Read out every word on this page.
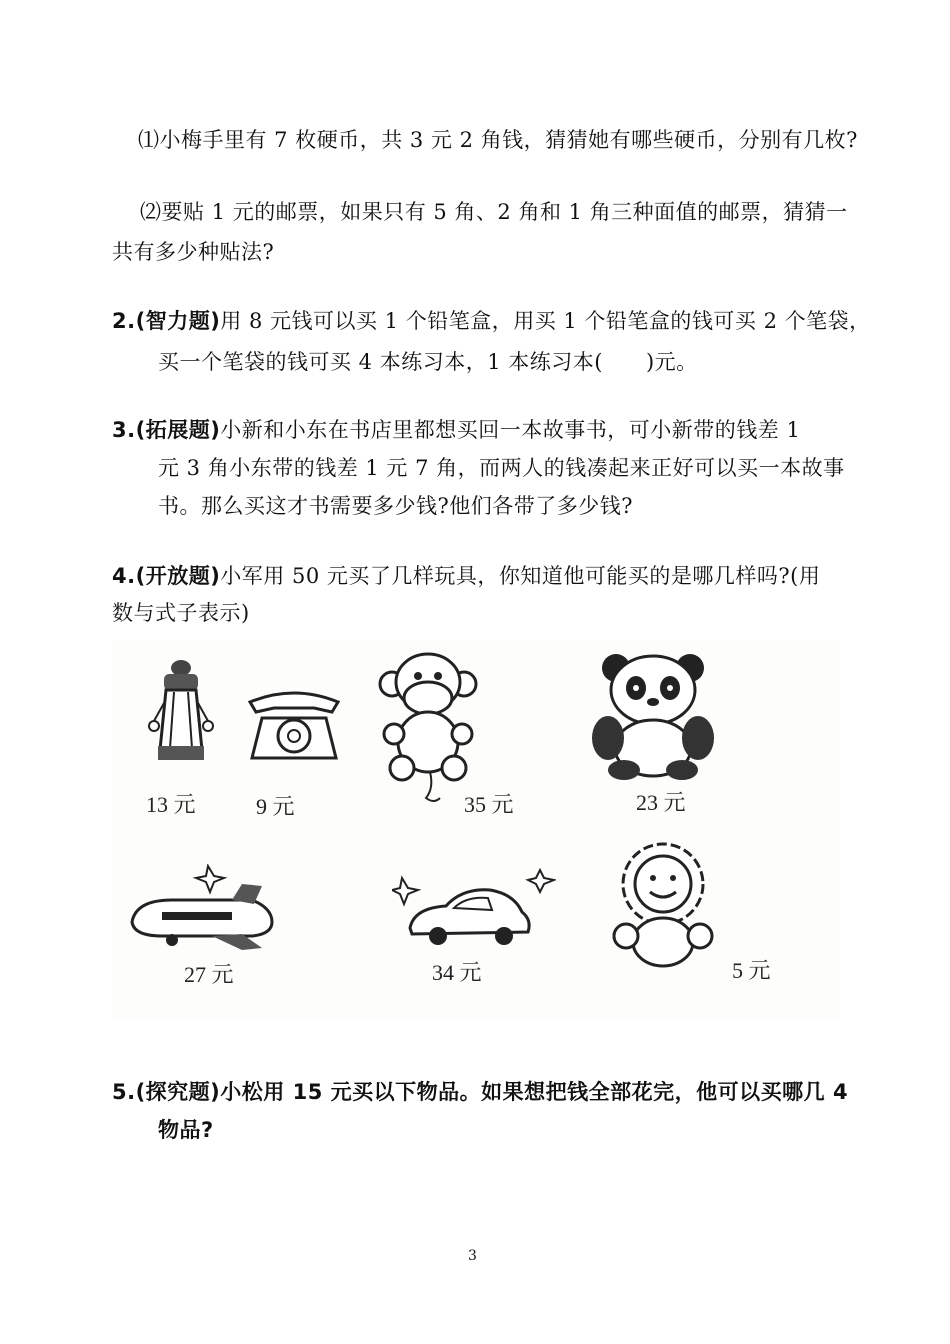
⑴小梅手里有 7 枚硬币，共 3 元 2 角钱，猜猜她有哪些硬币，分别有几枚?
⑵要贴 1 元的邮票，如果只有 5 角、2 角和 1 角三种面值的邮票，猜猜一
共有多少种贴法?
2.(智力题)用 8 元钱可以买 1 个铅笔盒，用买 1 个铅笔盒的钱可买 2 个笔袋，
买一个笔袋的钱可买 4 本练习本，1 本练习本(　　)元。
3.(拓展题)小新和小东在书店里都想买回一本故事书，可小新带的钱差 1
元 3 角小东带的钱差 1 元 7 角，而两人的钱凑起来正好可以买一本故事
书。那么买这才书需要多少钱?他们各带了多少钱?
4.(开放题)小军用 50 元买了几样玩具，你知道他可能买的是哪几样吗?(用
数与式子表示)
13 元	9 元	35 元	23 元
27 元	34 元	5 元
5.(探究题)小松用 15 元买以下物品。如果想把钱全部花完，他可以买哪几 4
物品?
3
